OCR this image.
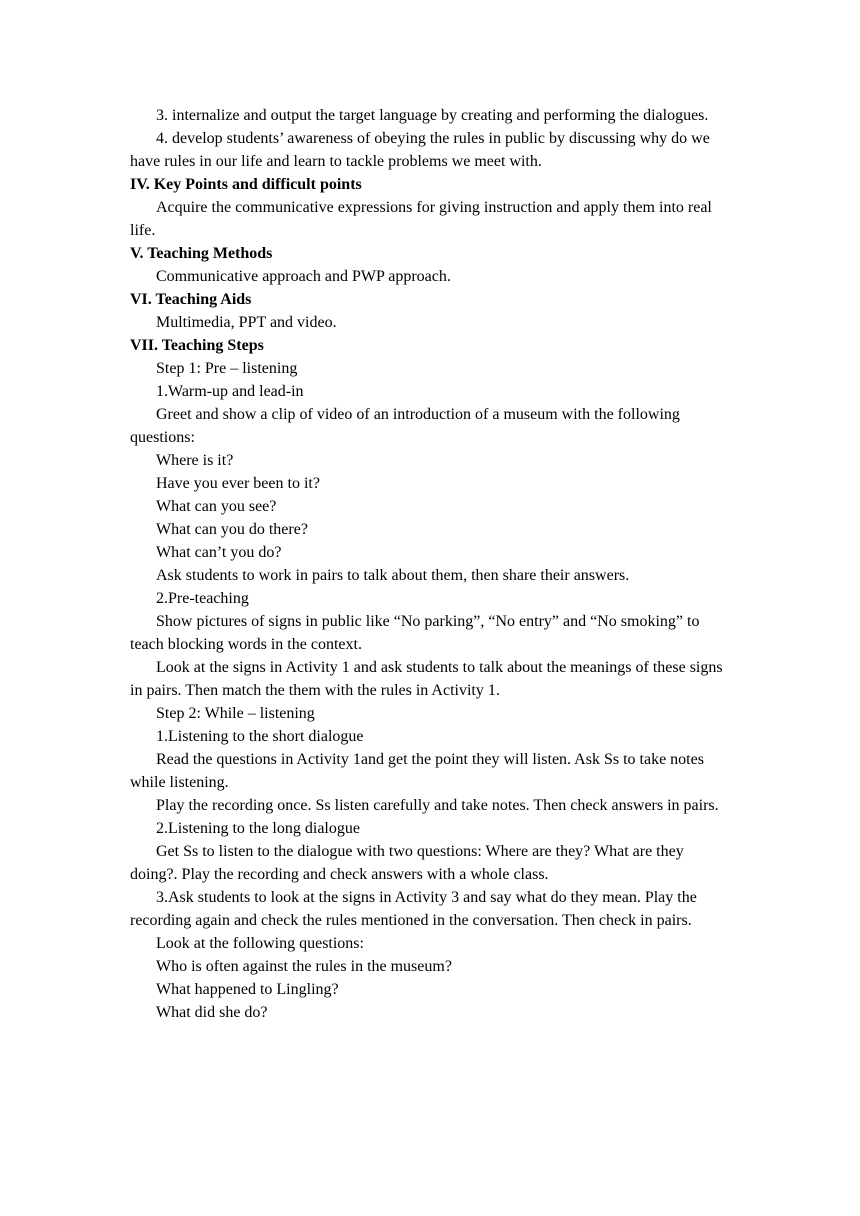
3. internalize and output the target language by creating and performing the dialogues.

4. develop students’ awareness of obeying the rules in public by discussing why do we have rules in our life and learn to tackle problems we meet with.

IV. Key Points and difficult points

Acquire the communicative expressions for giving instruction and apply them into real life.

V. Teaching Methods

Communicative approach and PWP approach.

VI. Teaching Aids

Multimedia, PPT and video.

VII. Teaching Steps

Step 1: Pre – listening

1.Warm-up and lead-in

Greet and show a clip of video of an introduction of a museum with the following questions:

Where is it?

Have you ever been to it?

What can you see?

What can you do there?

What can’t you do?

Ask students to work in pairs to talk about them, then share their answers.

2.Pre-teaching

Show pictures of signs in public like “No parking”, “No entry” and “No smoking” to teach blocking words in the context.

Look at the signs in Activity 1 and ask students to talk about the meanings of these signs in pairs. Then match the them with the rules in Activity 1.

Step 2: While – listening

1.Listening to the short dialogue

Read the questions in Activity 1and get the point they will listen. Ask Ss to take notes while listening.

Play the recording once. Ss listen carefully and take notes. Then check answers in pairs.

2.Listening to the long dialogue

Get Ss to listen to the dialogue with two questions: Where are they? What are they doing?. Play the recording and check answers with a whole class.

3.Ask students to look at the signs in Activity 3 and say what do they mean. Play the recording again and check the rules mentioned in the conversation. Then check in pairs.

Look at the following questions:

Who is often against the rules in the museum?

What happened to Lingling?

What did she do?
